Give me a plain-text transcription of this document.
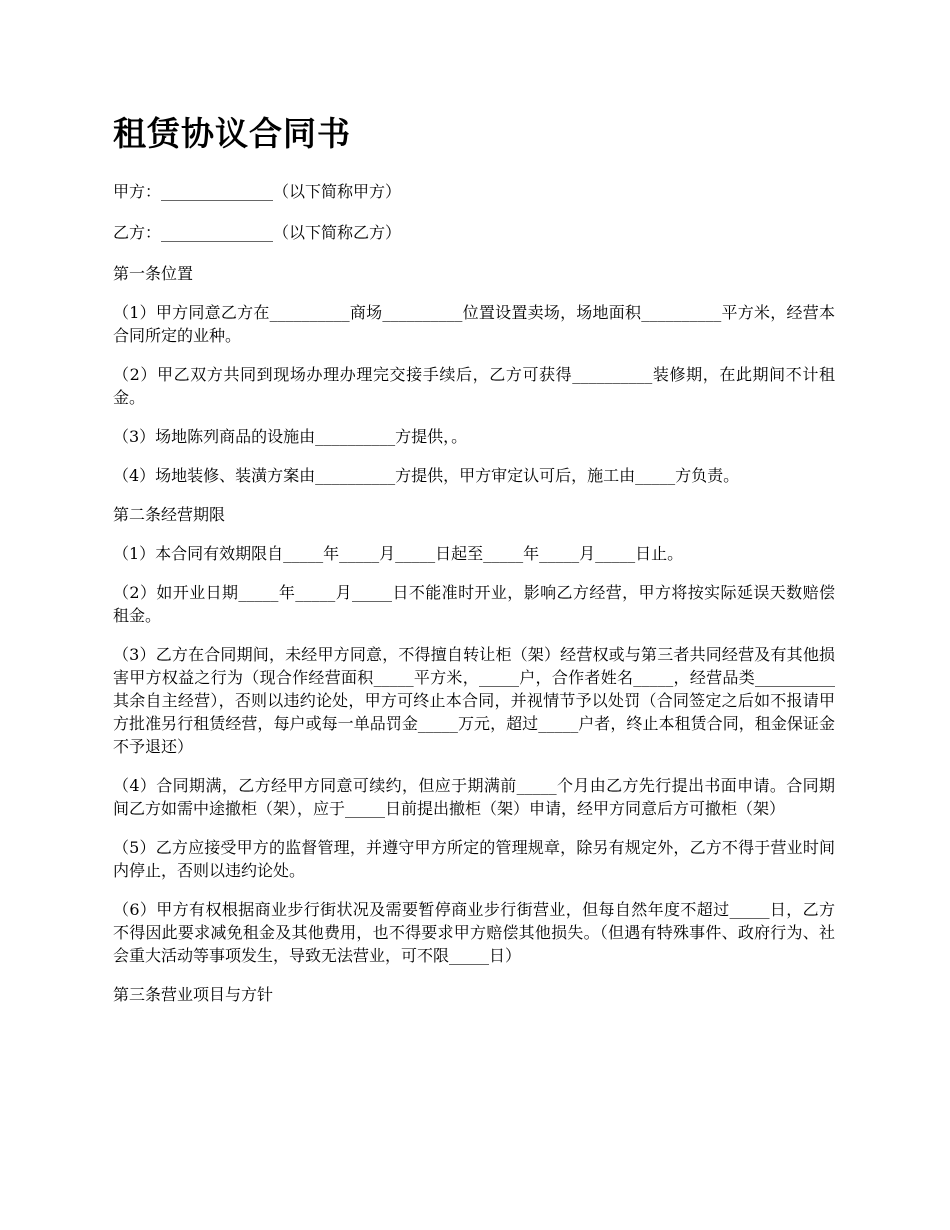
租赁协议合同书

甲方：______________（以下简称甲方）

乙方：______________（以下简称乙方）

第一条位置

（1）甲方同意乙方在__________商场__________位置设置卖场，场地面积__________平方米，经营本合同所定的业种。

（2）甲乙双方共同到现场办理办理完交接手续后，乙方可获得__________装修期，在此期间不计租金。

（3）场地陈列商品的设施由__________方提供，。

（4）场地装修、装潢方案由__________方提供，甲方审定认可后，施工由_____方负责。

第二条经营期限

（1）本合同有效期限自_____年_____月_____日起至_____年_____月_____日止。

（2）如开业日期_____年_____月_____日不能准时开业，影响乙方经营，甲方将按实际延误天数赔偿租金。

（3）乙方在合同期间，未经甲方同意，不得擅自转让柜（架）经营权或与第三者共同经营及有其他损害甲方权益之行为（现合作经营面积_____平方米，_____户，合作者姓名_____，经营品类__________其余自主经营），否则以违约论处，甲方可终止本合同，并视情节予以处罚（合同签定之后如不报请甲方批准另行租赁经营，每户或每一单品罚金_____万元，超过_____户者，终止本租赁合同，租金保证金不予退还）

（4）合同期满，乙方经甲方同意可续约，但应于期满前_____个月由乙方先行提出书面申请。合同期间乙方如需中途撤柜（架），应于_____日前提出撤柜（架）申请，经甲方同意后方可撤柜（架）

（5）乙方应接受甲方的监督管理，并遵守甲方所定的管理规章，除另有规定外，乙方不得于营业时间内停止，否则以违约论处。

（6）甲方有权根据商业步行街状况及需要暂停商业步行街营业，但每自然年度不超过_____日，乙方不得因此要求减免租金及其他费用，也不得要求甲方赔偿其他损失。（但遇有特殊事件、政府行为、社会重大活动等事项发生，导致无法营业，可不限_____日）

第三条营业项目与方针
